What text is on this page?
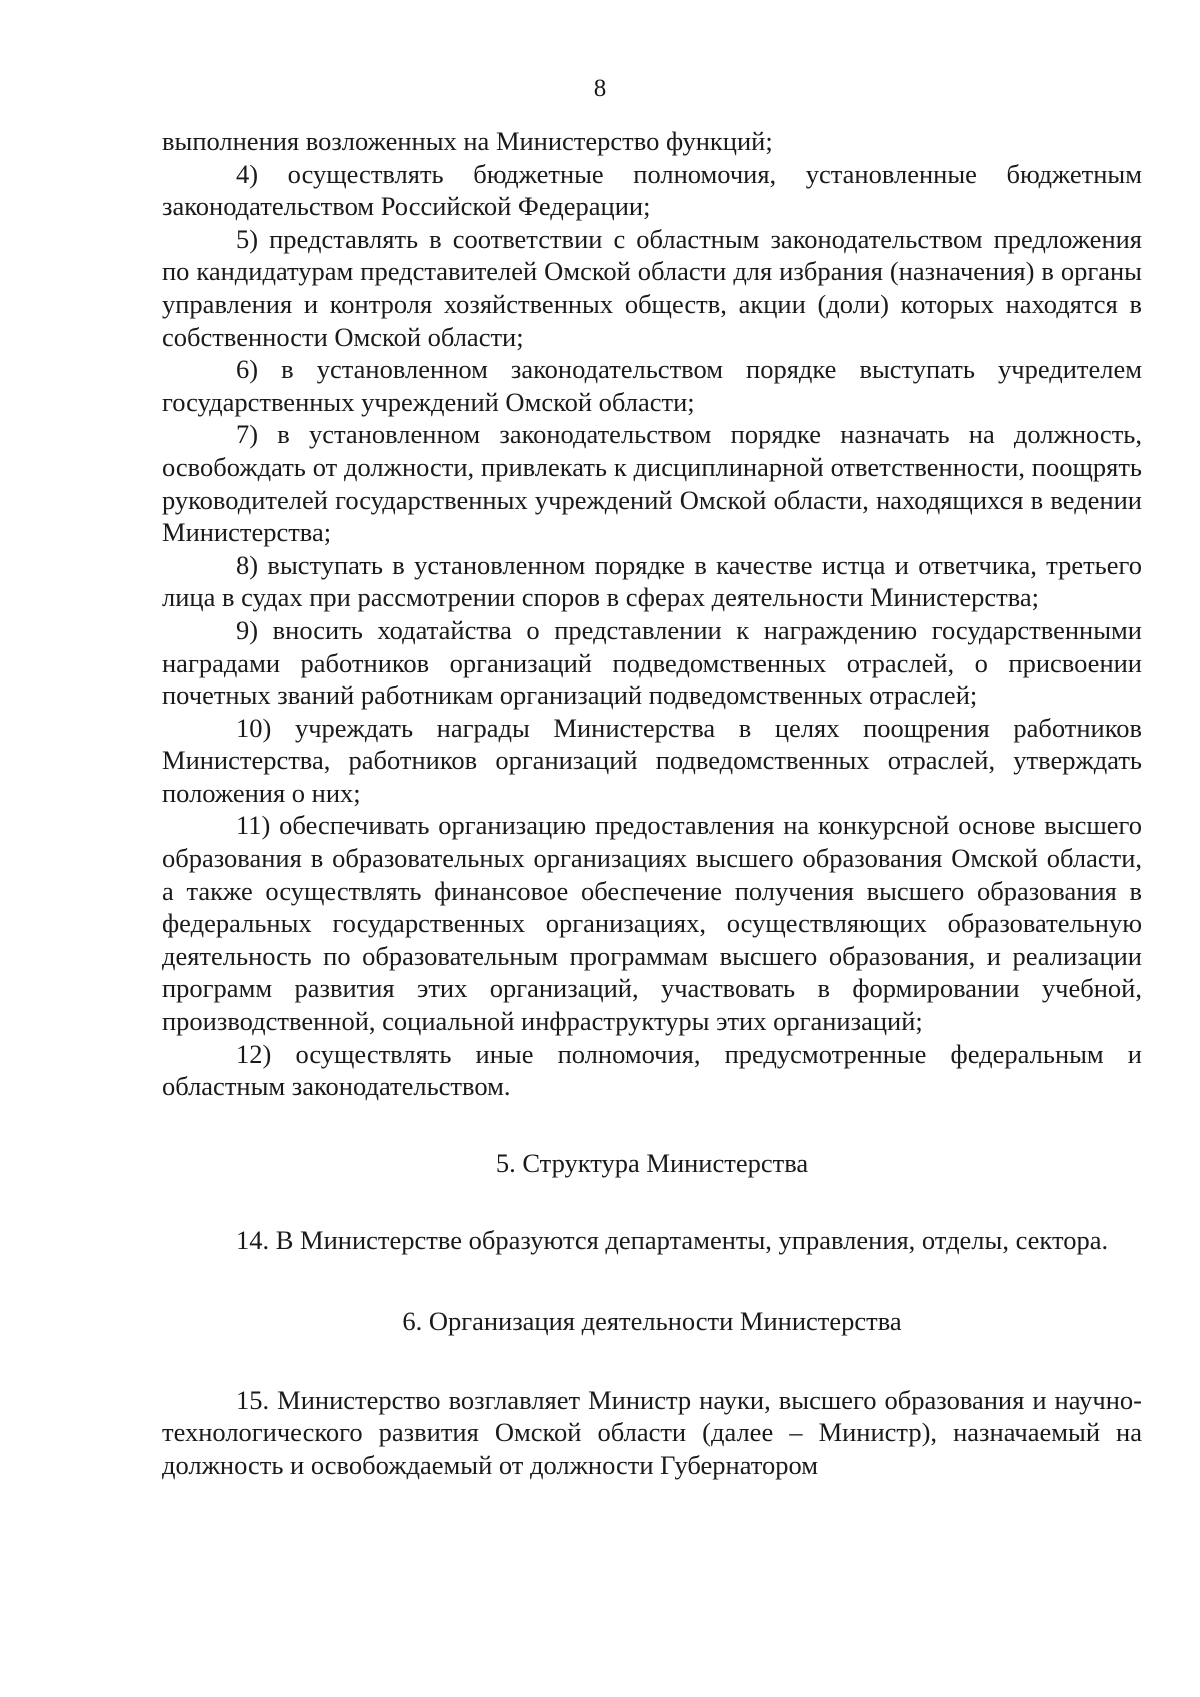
8

выполнения возложенных на Министерство функций;

4) осуществлять бюджетные полномочия, установленные бюджетным законодательством Российской Федерации;

5) представлять в соответствии с областным законодательством предложения по кандидатурам представителей Омской области для избрания (назначения) в органы управления и контроля хозяйственных обществ, акции (доли) которых находятся в собственности Омской области;

6) в установленном законодательством порядке выступать учредителем государственных учреждений Омской области;

7) в установленном законодательством порядке назначать на должность, освобождать от должности, привлекать к дисциплинарной ответственности, поощрять руководителей государственных учреждений Омской области, находящихся в ведении Министерства;

8) выступать в установленном порядке в качестве истца и ответчика, третьего лица в судах при рассмотрении споров в сферах деятельности Министерства;

9) вносить ходатайства о представлении к награждению государственными наградами работников организаций подведомственных отраслей, о присвоении почетных званий работникам организаций подведомственных отраслей;

10) учреждать награды Министерства в целях поощрения работников Министерства, работников организаций подведомственных отраслей, утверждать положения о них;

11) обеспечивать организацию предоставления на конкурсной основе высшего образования в образовательных организациях высшего образования Омской области, а также осуществлять финансовое обеспечение получения высшего образования в федеральных государственных организациях, осуществляющих образовательную деятельность по образовательным программам высшего образования, и реализации программ развития этих организаций, участвовать в формировании учебной, производственной, социальной инфраструктуры этих организаций;

12) осуществлять иные полномочия, предусмотренные федеральным и областным законодательством.

5. Структура Министерства

14. В Министерстве образуются департаменты, управления, отделы, сектора.

6. Организация деятельности Министерства

15. Министерство возглавляет Министр науки, высшего образования и научно-технологического развития Омской области (далее – Министр), назначаемый на должность и освобождаемый от должности Губернатором
